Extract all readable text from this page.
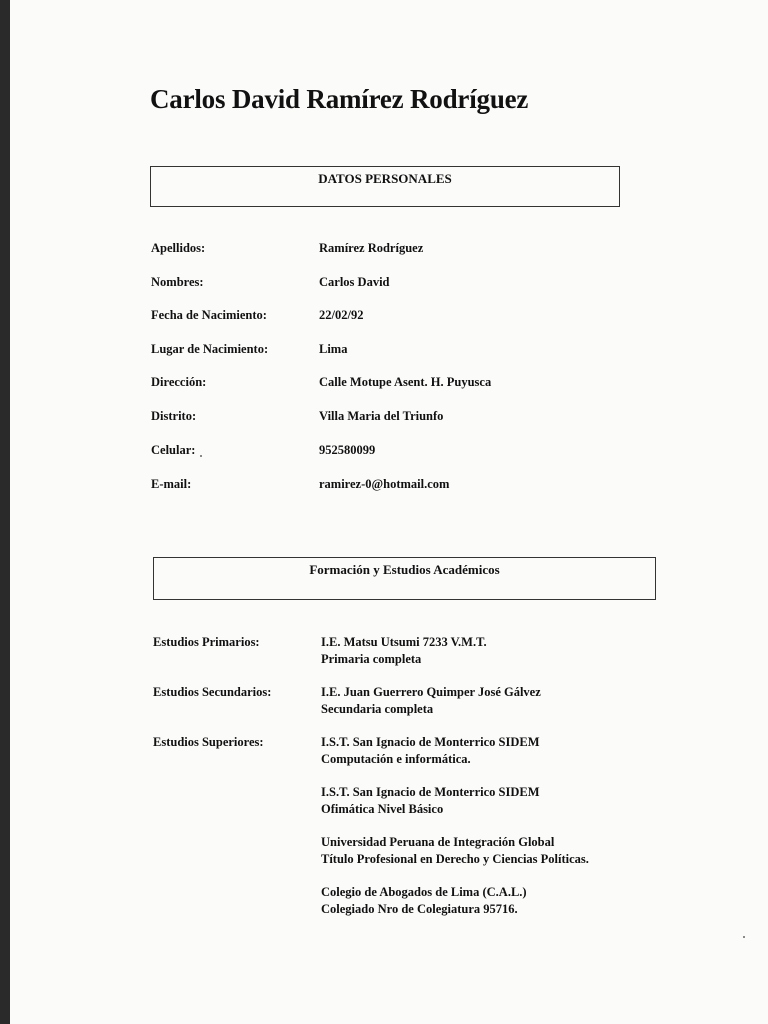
Carlos David Ramírez Rodríguez
DATOS PERSONALES
Apellidos:	Ramírez Rodríguez
Nombres:	Carlos David
Fecha de Nacimiento:	22/02/92
Lugar de Nacimiento:	Lima
Dirección:	Calle Motupe Asent. H. Puyusca
Distrito:	Villa Maria del Triunfo
Celular:	952580099
E-mail:	ramirez-0@hotmail.com
Formación y Estudios Académicos
Estudios Primarios:	I.E. Matsu Utsumi 7233 V.M.T.
Primaria completa
Estudios Secundarios:	I.E. Juan Guerrero Quimper José Gálvez
Secundaria completa
Estudios Superiores:	I.S.T. San Ignacio de Monterrico SIDEM
Computación e informática.
I.S.T. San Ignacio de Monterrico SIDEM
Ofimática Nivel Básico
Universidad Peruana de Integración Global
Título Profesional en Derecho y Ciencias Políticas.
Colegio de Abogados de Lima (C.A.L.)
Colegiado Nro de Colegiatura 95716.
